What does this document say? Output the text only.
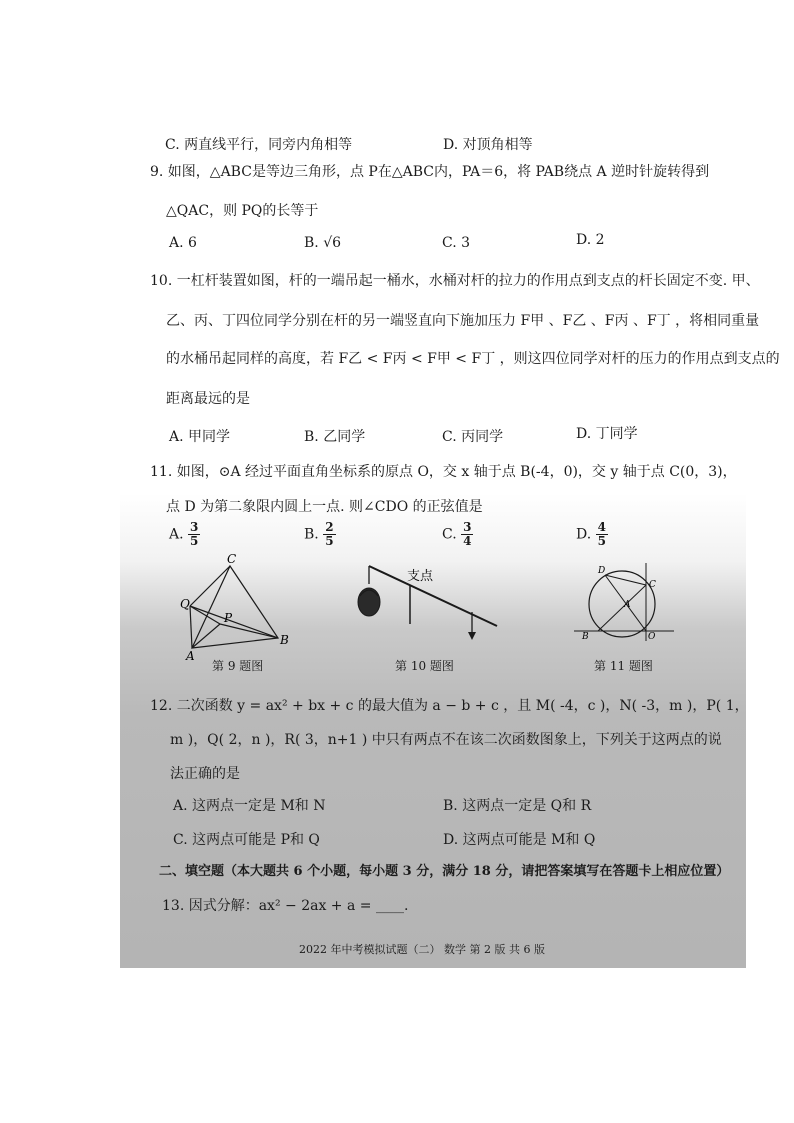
C. 两直线平行，同旁内角相等	D. 对顶角相等
9. 如图，△ABC是等边三角形，点 P在△ABC内，PA＝6，将 PAB绕点 A 逆时针旋转得到
△QAC，则 PQ的长等于
A. 6	B. √6	C. 3	D. 2
10. 一杠杆装置如图，杆的一端吊起一桶水，水桶对杆的拉力的作用点到支点的杆长固定不变. 甲、
乙、丙、丁四位同学分别在杆的另一端竖直向下施加压力 F甲 、F乙 、F丙 、F丁 ，将相同重量
的水桶吊起同样的高度，若 F乙 < F丙 < F甲 < F丁 ，则这四位同学对杆的压力的作用点到支点的
距离最远的是
A. 甲同学	B. 乙同学	C. 丙同学	D. 丁同学
11. 如图，⊙A 经过平面直角坐标系的原点 O，交 x 轴于点 B(-4，0)，交 y 轴于点 C(0，3)，
点 D 为第二象限内圆上一点. 则∠CDO 的正弦值是
A. $\frac{3}{5}$	B. $\frac{2}{5}$	C. $\frac{3}{4}$	D. $\frac{4}{5}$
C
Q
P
A
B
第 9 题图
支点
第 10 题图
D
C
A
B	O
第 11 题图
12. 二次函数 y = ax² + bx + c 的最大值为 a − b + c ，且 M( -4，c )，N( -3，m )，P( 1，
m )，Q( 2，n )，R( 3，n+1 ) 中只有两点不在该二次函数图象上，下列关于这两点的说
法正确的是
A. 这两点一定是 M和 N	B. 这两点一定是 Q和 R
C. 这两点可能是 P和 Q	D. 这两点可能是 M和 Q
二、填空题（本大题共 6 个小题，每小题 3 分，满分 18 分，请把答案填写在答题卡上相应位置）
13. 因式分解：ax² − 2ax + a = ____.
2022 年中考模拟试题（二） 数学 第 2 版 共 6 版
